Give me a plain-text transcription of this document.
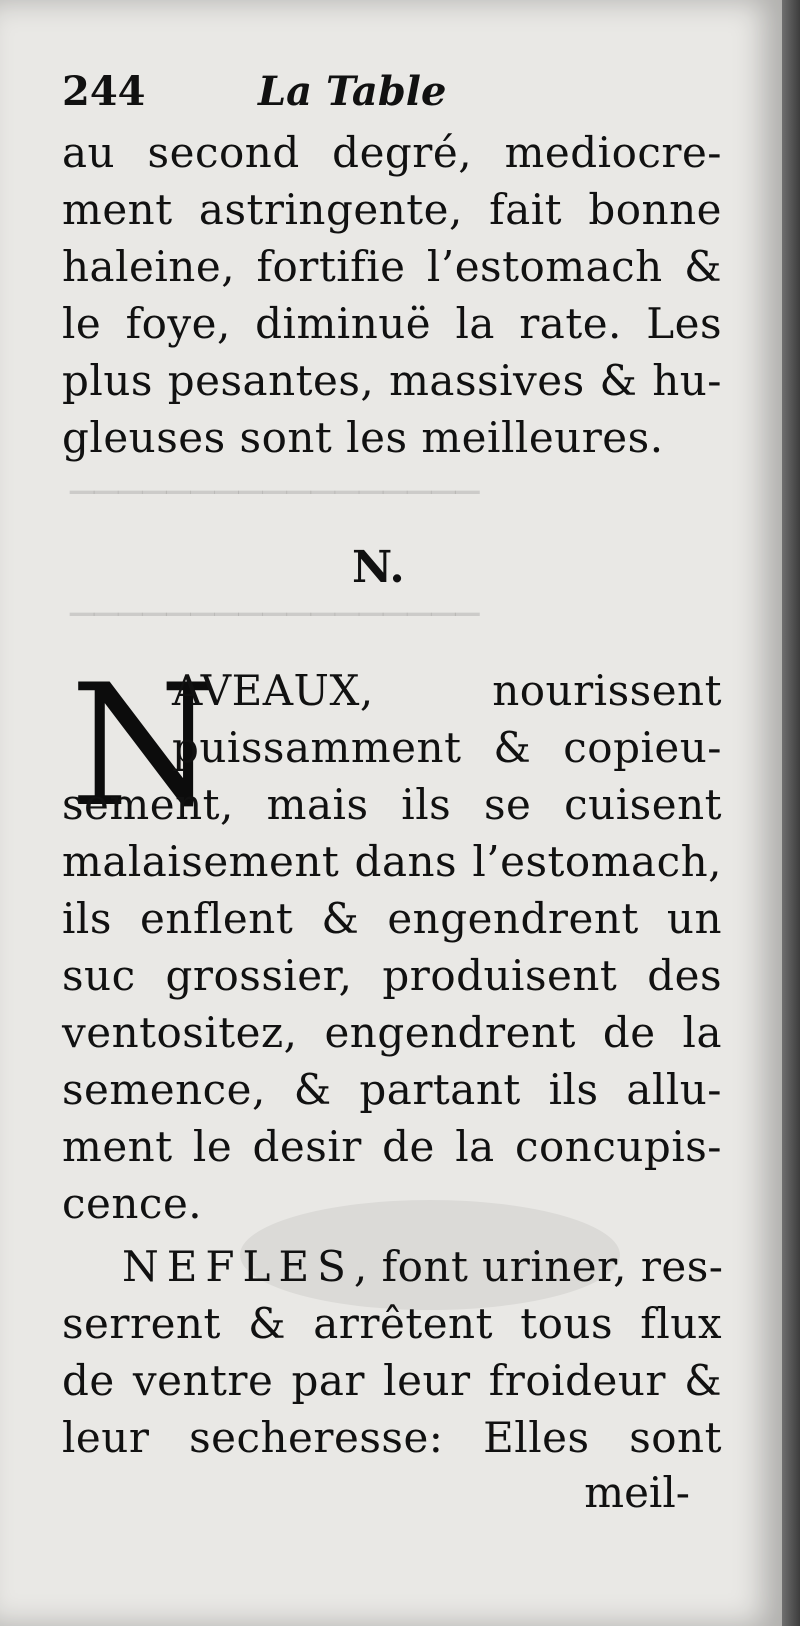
─────────────────
─────────────────
244	La Table
au second degré, mediocre-
ment astringente, fait bonne
haleine, fortifie l’estomach &
le foye, diminuë la rate. Les
plus pesantes, massives & hu-
gleuses sont les meilleures.
N.
N
AVEAUX, nourissent
puissamment & copieu-
sement, mais ils se cuisent
malaisement dans l’estomach,
ils enflent & engendrent un
suc grossier, produisent des
ventositez, engendrent de la
semence, & partant ils allu-
ment le desir de la concupis-
cence.
NEFLES, font uriner, res-
serrent & arrêtent tous flux
de ventre par leur froideur &
leur secheresse: Elles sont
meil-
